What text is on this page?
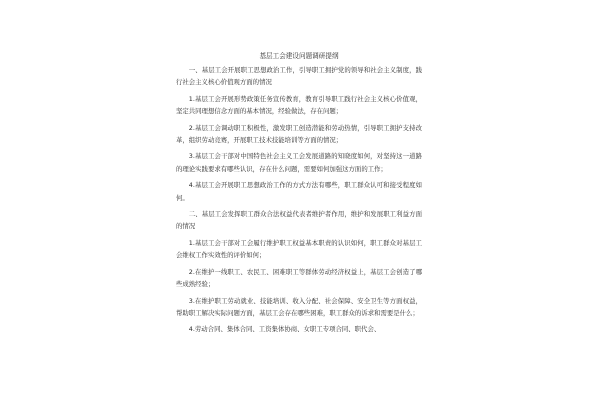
基层工会建设问题调研提纲

一、基层工会开展职工思想政治工作，引导职工拥护党的领导和社会主义制度，践行社会主义核心价值观方面的情况

1.基层工会开展形势政策任务宣传教育，教育引导职工践行社会主义核心价值观，坚定共同理想信念方面的基本情况，经验做法，存在问题；

2.基层工会调动职工积极性，激发职工创造潜能和劳动热情，引导职工拥护支持改革，组织劳动竞赛，开展职工技术技能培训等方面的情况；

3.基层工会干部对中国特色社会主义工会发展道路的知晓度如何，对坚持这一道路的理论实践要求有哪些认识，存在什么问题，需要如何加强这方面的工作；

4.基层工会开展职工思想政治工作的方式方法有哪些，职工群众认可和接受程度如何。

二、基层工会发挥职工群众合法权益代表者维护者作用，维护和发展职工利益方面的情况

1.基层工会干部对工会履行维护职工权益基本职责的认识如何，职工群众对基层工会维权工作实效性的评价如何；

2.在维护一线职工、农民工、困难职工等群体劳动经济权益上，基层工会创造了哪些成熟经验；

3.在维护职工劳动就业、技能培训、收入分配、社会保障、安全卫生等方面权益，帮助职工解决实际问题方面，基层工会存在哪些困难，职工群众的诉求和需要是什么；

4.劳动合同、集体合同、工资集体协商、女职工专项合同、职代会、
